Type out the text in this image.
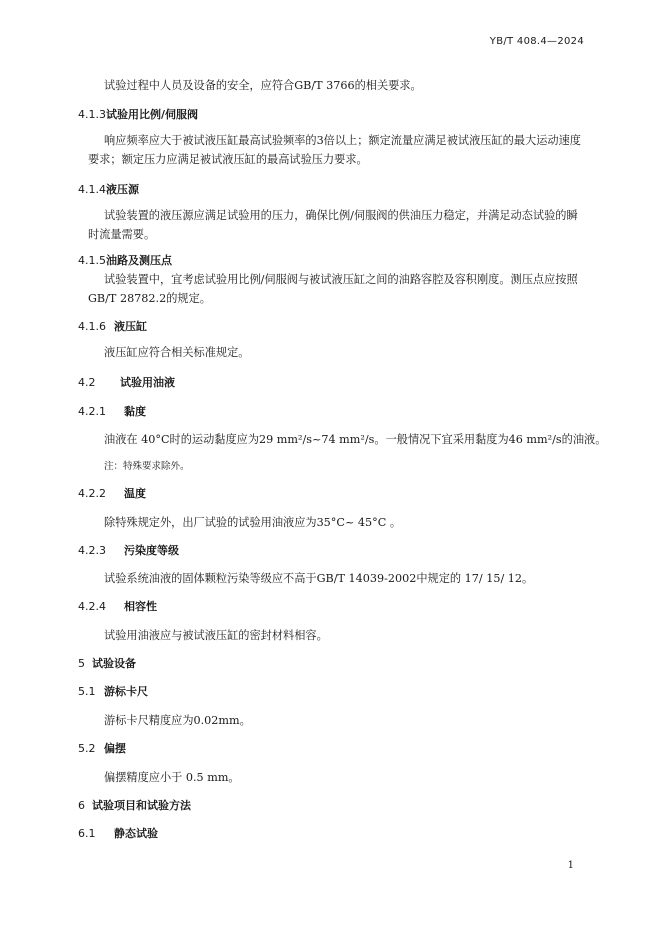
YB/T 408.4—2024
试验过程中人员及设备的安全，应符合GB/T 3766的相关要求。
4.1.3试验用比例/伺服阀
响应频率应大于被试液压缸最高试验频率的3倍以上；额定流量应满足被试液压缸的最大运动速度要求；额定压力应满足被试液压缸的最高试验压力要求。
4.1.4液压源
试验装置的液压源应满足试验用的压力，确保比例/伺服阀的供油压力稳定，并满足动态试验的瞬时流量需要。
4.1.5油路及测压点
试验装置中，宜考虑试验用比例/伺服阀与被试液压缸之间的油路容腔及容积刚度。测压点应按照GB/T 28782.2的规定。
4.1.6 液压缸
液压缸应符合相关标准规定。
4.2 试验用油液
4.2.1 黏度
油液在 40°C时的运动黏度应为29 mm²/s~74 mm²/s。一般情况下宜采用黏度为46 mm²/s的油液。
注：特殊要求除外。
4.2.2 温度
除特殊规定外，出厂试验的试验用油液应为35°C~ 45°C 。
4.2.3 污染度等级
试验系统油液的固体颗粒污染等级应不高于GB/T 14039-2002中规定的 17/ 15/ 12。
4.2.4 相容性
试验用油液应与被试液压缸的密封材料相容。
5 试验设备
5.1 游标卡尺
游标卡尺精度应为0.02mm。
5.2 偏摆
偏摆精度应小于 0.5 mm。
6 试验项目和试验方法
6.1 静态试验
1
